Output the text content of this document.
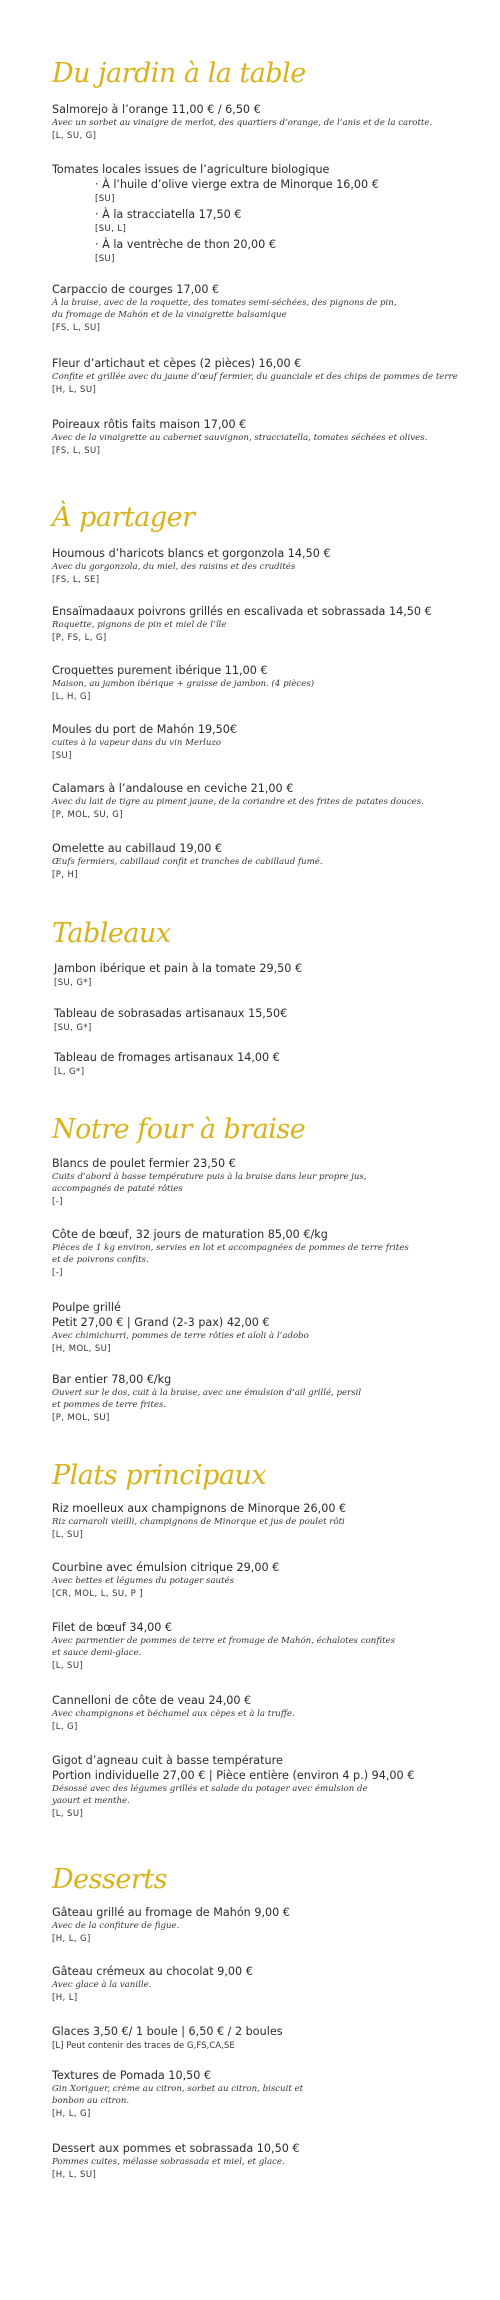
Du jardin à la table
Salmorejo à l’orange 11,00 € / 6,50 €
Avec un sorbet au vinaigre de merlot, des quartiers d’orange, de l’anis et de la carotte.
[L, SU, G]
Tomates locales issues de l’agriculture biologique
· À l’huile d’olive vierge extra de Minorque 16,00 €
[SU]
· À la stracciatella 17,50 €
[SU, L]
· À la ventrèche de thon 20,00 €
[SU]
Carpaccio de courges 17,00 €
À la braise, avec de la roquette, des tomates semi-séchées, des pignons de pin,
du fromage de Mahón et de la vinaigrette balsamique
[FS, L, SU]
Fleur d’artichaut et cèpes (2 pièces) 16,00 €
Confite et grillée avec du jaune d’œuf fermier, du guanciale et des chips de pommes de terre
[H, L, SU]
Poireaux rôtis faits maison 17,00 €
Avec de la vinaigrette au cabernet sauvignon, stracciatella, tomates séchées et olives.
[FS, L, SU]
À partager
Houmous d’haricots blancs et gorgonzola 14,50 €
Avec du gorgonzola, du miel, des raisins et des crudités
[FS, L, SE]
Ensaïmadaaux poivrons grillés en escalivada et sobrassada 14,50 €
Roquette, pignons de pin et miel de l’île
[P, FS, L, G]
Croquettes purement ibérique 11,00 €
Maison, au jambon ibérique + graisse de jambon. (4 pièces)
[L, H, G]
Moules du port de Mahón 19,50€
cuites à la vapeur dans du vin Merluzo
[SU]
Calamars à l’andalouse en ceviche 21,00 €
Avec du lait de tigre au piment jaune, de la coriandre et des frites de patates douces.
[P, MOL, SU, G]
Omelette au cabillaud 19,00 €
Œufs fermiers, cabillaud confit et tranches de cabillaud fumé.
[P, H]
Tableaux
Jambon ibérique et pain à la tomate 29,50 €
[SU, G*]
Tableau de sobrasadas artisanaux 15,50€
[SU, G*]
Tableau de fromages artisanaux 14,00 €
[L, G*]
Notre four à braise
Blancs de poulet fermier 23,50 €
Cuits d’abord à basse température puis à la braise dans leur propre jus,
accompagnés de pataté rôties
[-]
Côte de bœuf, 32 jours de maturation 85,00 €/kg
Pièces de 1 kg environ, servies en lot et accompagnées de pommes de terre frites
et de poivrons confits.
[-]
Poulpe grillé
Petit 27,00 € | Grand (2-3 pax) 42,00 €
Avec chimichurri, pommes de terre rôties et aïoli à l’adobo
[H, MOL, SU]
Bar entier 78,00 €/kg
Ouvert sur le dos, cuit à la braise, avec une émulsion d’ail grillé, persil
et pommes de terre frites.
[P, MOL, SU]
Plats principaux
Riz moelleux aux champignons de Minorque 26,00 €
Riz carnaroli vieilli, champignons de Minorque et jus de poulet rôti
[L, SU]
Courbine avec émulsion citrique 29,00 €
Avec bettes et légumes du potager sautés
[CR, MOL, L, SU, P ]
Filet de bœuf 34,00 €
Avec parmentier de pommes de terre et fromage de Mahón, échalotes confites
et sauce demi-glace.
[L, SU]
Cannelloni de côte de veau 24,00 €
Avec champignons et béchamel aux cèpes et à la truffe.
[L, G]
Gigot d’agneau cuit à basse température
Portion individuelle 27,00 € | Pièce entière (environ 4 p.) 94,00 €
Désossé avec des légumes grillés et salade du potager avec émulsion de
yaourt et menthe.
[L, SU]
Desserts
Gâteau grillé au fromage de Mahón 9,00 €
Avec de la confiture de figue.
[H, L, G]
Gâteau crémeux au chocolat 9,00 €
Avec glace à la vanille.
[H, L]
Glaces 3,50 €/ 1 boule | 6,50 € / 2 boules
[L] Peut contenir des traces de G,FS,CA,SE
Textures de Pomada 10,50 €
Gin Xoriguer, crème au citron, sorbet au citron, biscuit et
bonbon au citron.
[H, L, G]
Dessert aux pommes et sobrassada 10,50 €
Pommes cuites, mélasse sobrassada et miel, et glace.
[H, L, SU]
